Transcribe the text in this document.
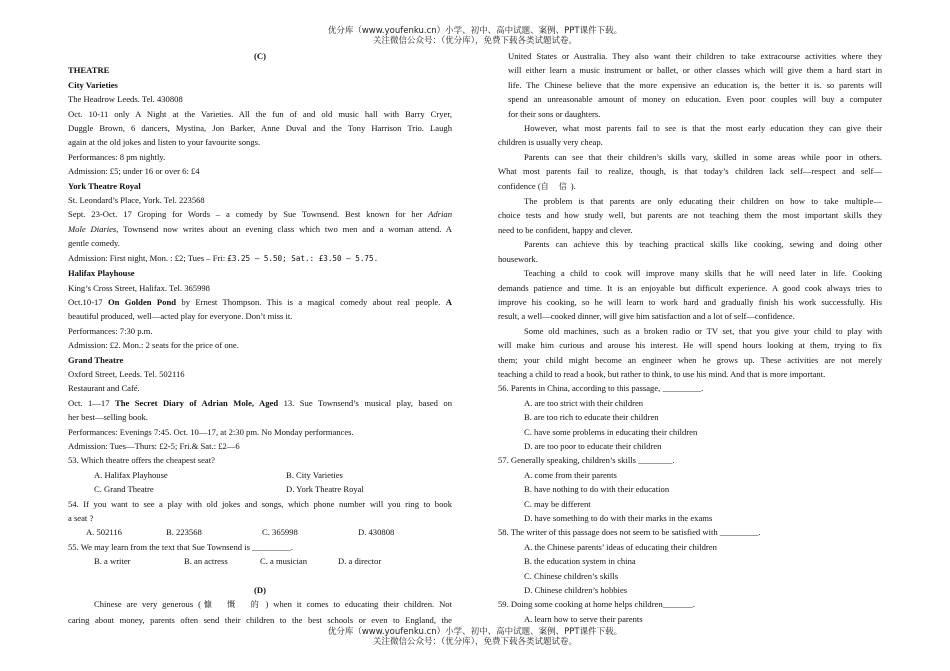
优分库（www.youfenku.cn）小学、初中、高中试题、案例、PPT课件下载。
关注微信公众号：（优分库），免费下载各类试题试卷。
(C)
THEATRE
City Varieties
The Headrow Leeds. Tel. 430808
Oct. 10-11 only A Night at the Varieties. All the fun of and old music hall with Barry Cryer,
Duggle Brown, 6 dancers, Mystina, Jon Barker, Anne Duval and the Tony Harrison Trio. Laugh
again at the old jokes and listen to your favourite songs.
Performances: 8 pm nightly.
Admission: £5; under 16 or over 6: £4
York Theatre Royal
St. Leondard’s Place, York. Tel. 223568
Sept. 23-Oct. 17 Groping for Words – a comedy by Sue Townsend. Best known for her Adrian
Mole Diaries, Townsend now writes about an evening class which two men and a woman attend. A
gentle comedy.
Admission: First night, Mon. : £2; Tues – Fri: £3.25 – 5.50; Sat.: £3.50 – 5.75.
Halifax Playhouse
King’s Cross Street, Halifax. Tel. 365998
Oct.10-17 On Golden Pond by Ernest Thompson. This is a magical comedy about real people. A
beautiful produced, well—acted play for everyone. Don’t miss it.
Performances: 7:30 p.m.
Admission: £2. Mon.: 2 seats for the price of one.
Grand Theatre
Oxford Street, Leeds. Tel. 502116
Restaurant and Café.
Oct. 1—17 The Secret Diary of Adrian Mole, Aged 13. Sue Townsend’s musical play, based on
her best—selling book.
Performances: Evenings 7:45. Oct. 10—17, at 2:30 pm. No Monday performances.
Admission: Tues—Thurs: £2-5; Fri.& Sat.: £2—6
53. Which theatre offers the cheapest seat?
A. Halifax Playhouse	B. City Varieties
C. Grand Theatre	D. York Theatre Royal
54. If you want to see a play with old jokes and songs, which phone number will you ring to book
a seat ?
A. 502116	B. 223568	C. 365998	D. 430808
55. We may learn from the text that Sue Townsend is _________.
B. a writer	B. an actress	C. a musician	D. a director

(D)
Chinese are very generous (慷 慨 的) when it comes to educating their children. Not
caring about money, parents often send their children to the best schools or even to England, the
United States or Australia. They also want their children to take extracourse activities where they
will either learn a music instrument or ballet, or other classes which will give them a hard start in
life. The Chinese believe that the more expensive an education is, the better it is. so parents will
spend an unreasonable amount of money on education. Even poor couples will buy a computer
for their sons or daughters.
However, what most parents fail to see is that the most early education they can give their
children is usually very cheap.
Parents can see that their children’s skills vary, skilled in some areas while poor in others.
What most parents fail to realize, though, is that today’s children lack self—respect and self—
confidence (自 信).
The problem is that parents are only educating their children on how to take multiple—
choice tests and how study well, but parents are not teaching them the most important skills they
need to be confident, happy and clever.
Parents can achieve this by teaching practical skills like cooking, sewing and doing other
housework.
Teaching a child to cook will improve many skills that he will need later in life. Cooking
demands patience and time. It is an enjoyable but difficult experience. A good cook always tries to
improve his cooking, so he will learn to work hard and gradually finish his work successfully. His
result, a well—cooked dinner, will give him satisfaction and a lot of self—confidence.
Some old machines, such as a broken radio or TV set, that you give your child to play with
will make him curious and arouse his interest. He will spend hours looking at them, trying to fix
them; your child might become an engineer when he grows up. These activities are not merely
teaching a child to read a book, but rather to think, to use his mind. And that is more important.
56. Parents in China, according to this passage, _________.
A. are too strict with their children
B. are too rich to educate their children
C. have some problems in educating their children
D. are too poor to educate their children
57. Generally speaking, children’s skills ________.
A. come from their parents
B. have nothing to do with their education
C. may be different
D. have something to do with their marks in the exams
58. The writer of this passage does not seem to be satisfied with _________.
A. the Chinese parents’ ideas of educating their children
B. the education system in china
C. Chinese children’s skills
D. Chinese children’s hobbies
59. Doing some cooking at home helps children_______.
A. learn how to serve their parents
优分库（www.youfenku.cn）小学、初中、高中试题、案例、PPT课件下载。
关注微信公众号：（优分库），免费下载各类试题试卷。
